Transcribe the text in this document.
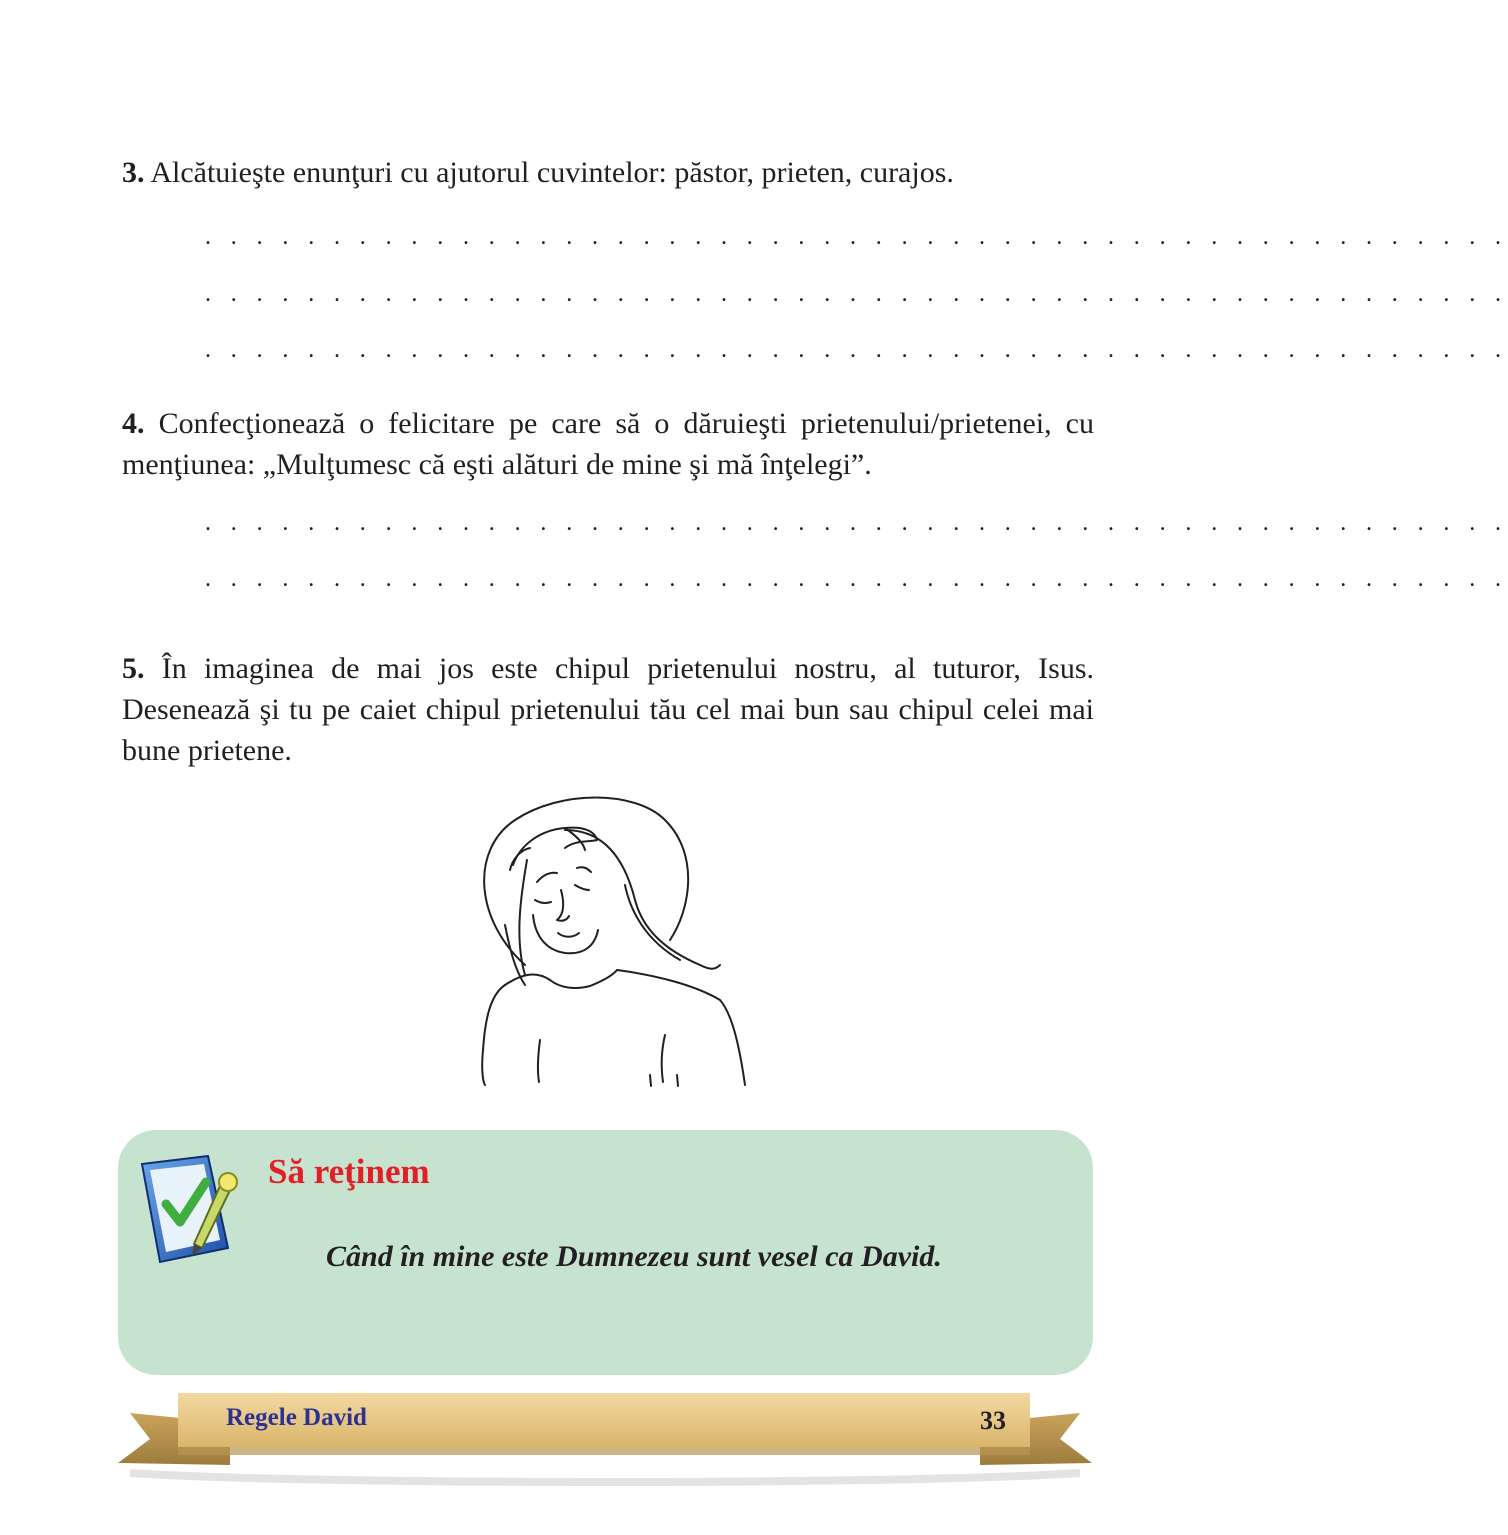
3. Alcătuieşte enunţuri cu ajutorul cuvintelor: păstor, prieten, curajos.
. . . . . . . . . . . . . . . . . . . . . . . . . . . . . . . . . . . . . . . . . . . . . . . . . . .
. . . . . . . . . . . . . . . . . . . . . . . . . . . . . . . . . . . . . . . . . . . . . . . . . . .
. . . . . . . . . . . . . . . . . . . . . . . . . . . . . . . . . . . . . . . . . . . . . . . . . . .
4. Confecţionează o felicitare pe care să o dăruieşti prietenului/prietenei, cu menţiunea: „Mulţumesc că eşti alături de mine şi mă înţelegi”.
. . . . . . . . . . . . . . . . . . . . . . . . . . . . . . . . . . . . . . . . . . . . . . . . . . .
. . . . . . . . . . . . . . . . . . . . . . . . . . . . . . . . . . . . . . . . . . . . . . . . . . .
5. În imaginea de mai jos este chipul prietenului nostru, al tuturor, Isus. Desenează şi tu pe caiet chipul prietenului tău cel mai bun sau chipul celei mai bune prietene.
Să reţinem
Când în mine este Dumnezeu sunt vesel ca David.
Regele David	33
